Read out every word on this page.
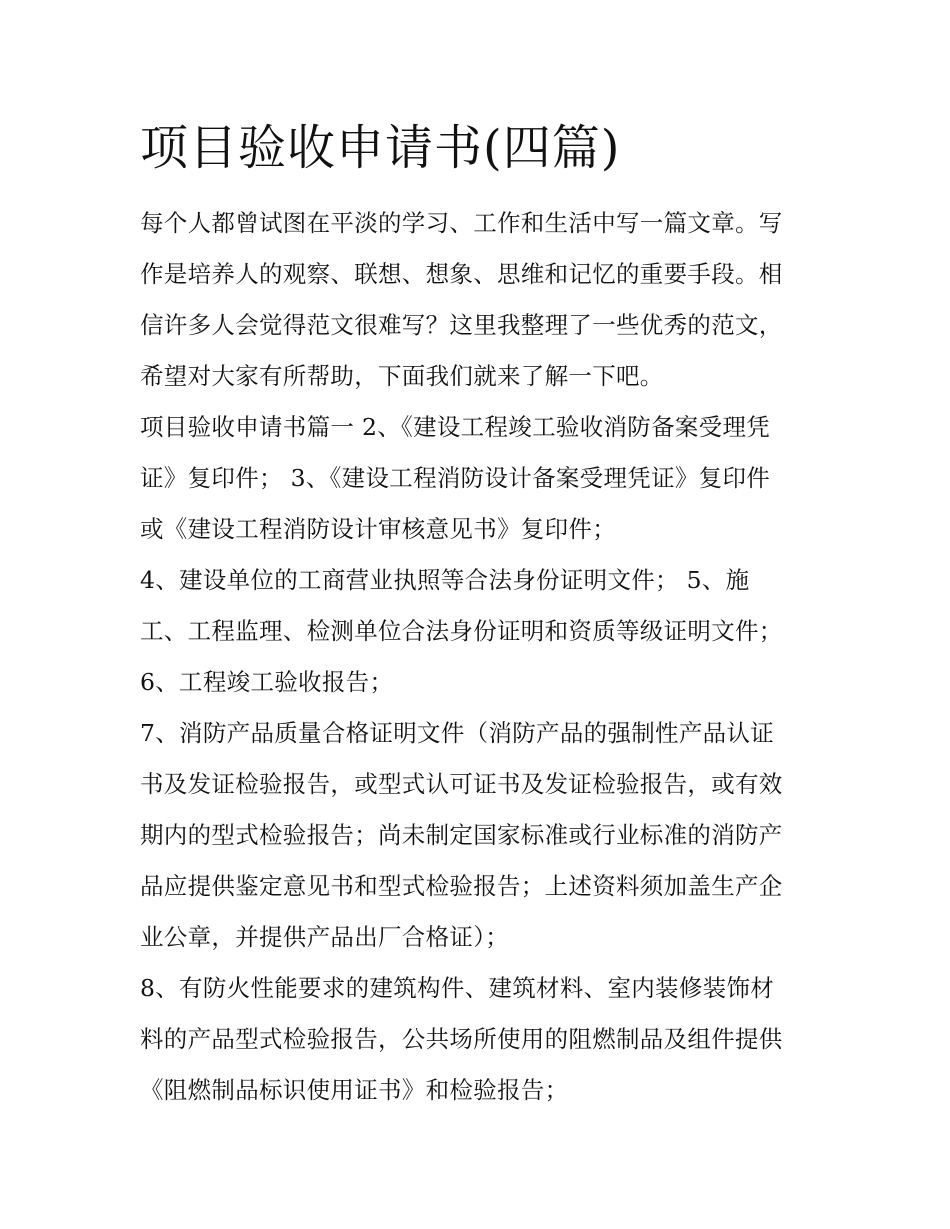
项目验收申请书(四篇)
每个人都曾试图在平淡的学习、工作和生活中写一篇文章。写
作是培养人的观察、联想、想象、思维和记忆的重要手段。相
信许多人会觉得范文很难写？这里我整理了一些优秀的范文，
希望对大家有所帮助，下面我们就来了解一下吧。
项目验收申请书篇一 2、《建设工程竣工验收消防备案受理凭
证》复印件； 3、《建设工程消防设计备案受理凭证》复印件
或《建设工程消防设计审核意见书》复印件；
4、建设单位的工商营业执照等合法身份证明文件； 5、施
工、工程监理、检测单位合法身份证明和资质等级证明文件；
6、工程竣工验收报告；
7、消防产品质量合格证明文件（消防产品的强制性产品认证
书及发证检验报告，或型式认可证书及发证检验报告，或有效
期内的型式检验报告；尚未制定国家标准或行业标准的消防产
品应提供鉴定意见书和型式检验报告；上述资料须加盖生产企
业公章，并提供产品出厂合格证）；
8、有防火性能要求的建筑构件、建筑材料、室内装修装饰材
料的产品型式检验报告，公共场所使用的阻燃制品及组件提供
《阻燃制品标识使用证书》和检验报告；
